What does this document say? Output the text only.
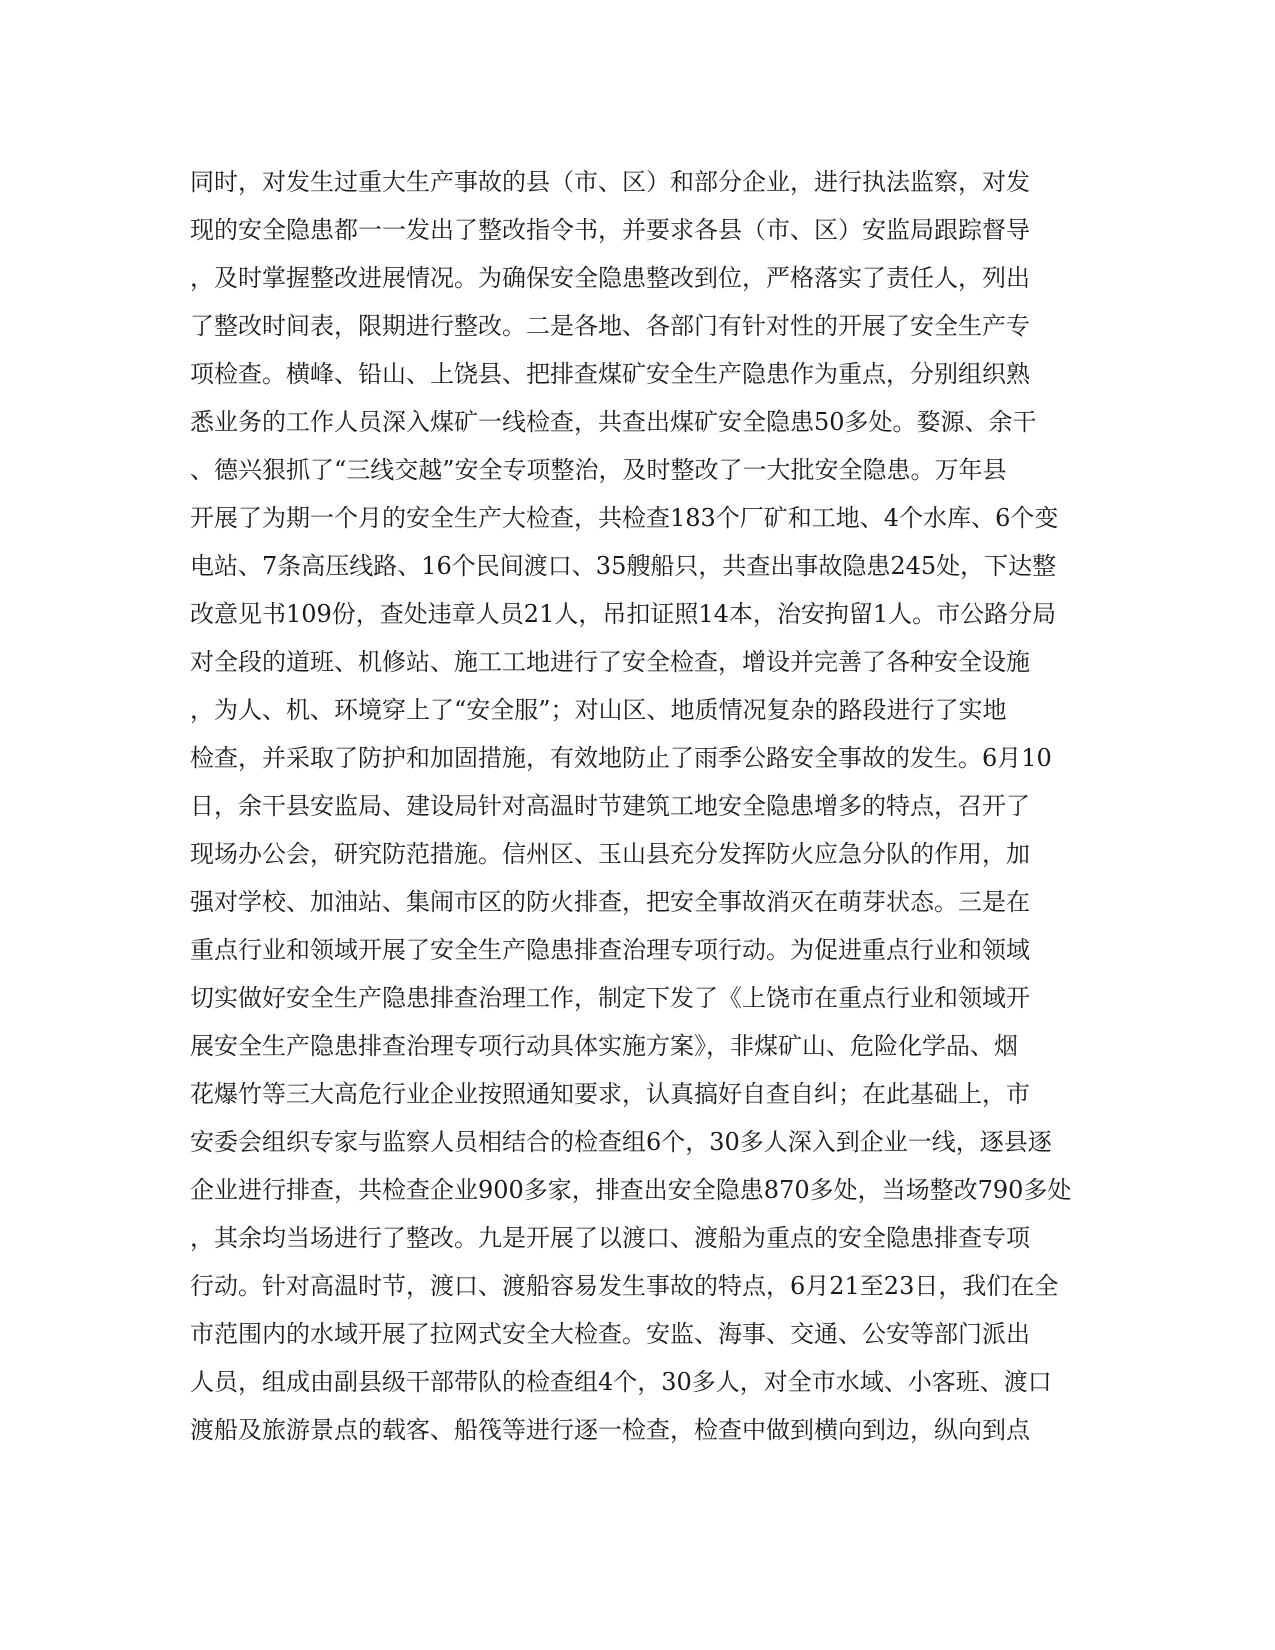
同时，对发生过重大生产事故的县（市、区）和部分企业，进行执法监察，对发
现的安全隐患都一一发出了整改指令书，并要求各县（市、区）安监局跟踪督导
，及时掌握整改进展情况。为确保安全隐患整改到位，严格落实了责任人，列出
了整改时间表，限期进行整改。二是各地、各部门有针对性的开展了安全生产专
项检查。横峰、铅山、上饶县、把排查煤矿安全生产隐患作为重点，分别组织熟
悉业务的工作人员深入煤矿一线检查，共查出煤矿安全隐患50多处。婺源、余干
、德兴狠抓了“三线交越”安全专项整治，及时整改了一大批安全隐患。万年县
开展了为期一个月的安全生产大检查，共检查183个厂矿和工地、4个水库、6个变
电站、7条高压线路、16个民间渡口、35艘船只，共查出事故隐患245处，下达整
改意见书109份，查处违章人员21人，吊扣证照14本，治安拘留1人。市公路分局
对全段的道班、机修站、施工工地进行了安全检查，增设并完善了各种安全设施
，为人、机、环境穿上了“安全服”；对山区、地质情况复杂的路段进行了实地
检查，并采取了防护和加固措施，有效地防止了雨季公路安全事故的发生。6月10
日，余干县安监局、建设局针对高温时节建筑工地安全隐患增多的特点，召开了
现场办公会，研究防范措施。信州区、玉山县充分发挥防火应急分队的作用，加
强对学校、加油站、集闹市区的防火排查，把安全事故消灭在萌芽状态。三是在
重点行业和领域开展了安全生产隐患排查治理专项行动。为促进重点行业和领域
切实做好安全生产隐患排查治理工作，制定下发了《上饶市在重点行业和领域开
展安全生产隐患排查治理专项行动具体实施方案》，非煤矿山、危险化学品、烟
花爆竹等三大高危行业企业按照通知要求，认真搞好自查自纠；在此基础上，市
安委会组织专家与监察人员相结合的检查组6个，30多人深入到企业一线，逐县逐
企业进行排查，共检查企业900多家，排查出安全隐患870多处，当场整改790多处
，其余均当场进行了整改。九是开展了以渡口、渡船为重点的安全隐患排查专项
行动。针对高温时节，渡口、渡船容易发生事故的特点，6月21至23日，我们在全
市范围内的水域开展了拉网式安全大检查。安监、海事、交通、公安等部门派出
人员，组成由副县级干部带队的检查组4个，30多人，对全市水域、小客班、渡口
渡船及旅游景点的载客、船筏等进行逐一检查，检查中做到横向到边，纵向到点
